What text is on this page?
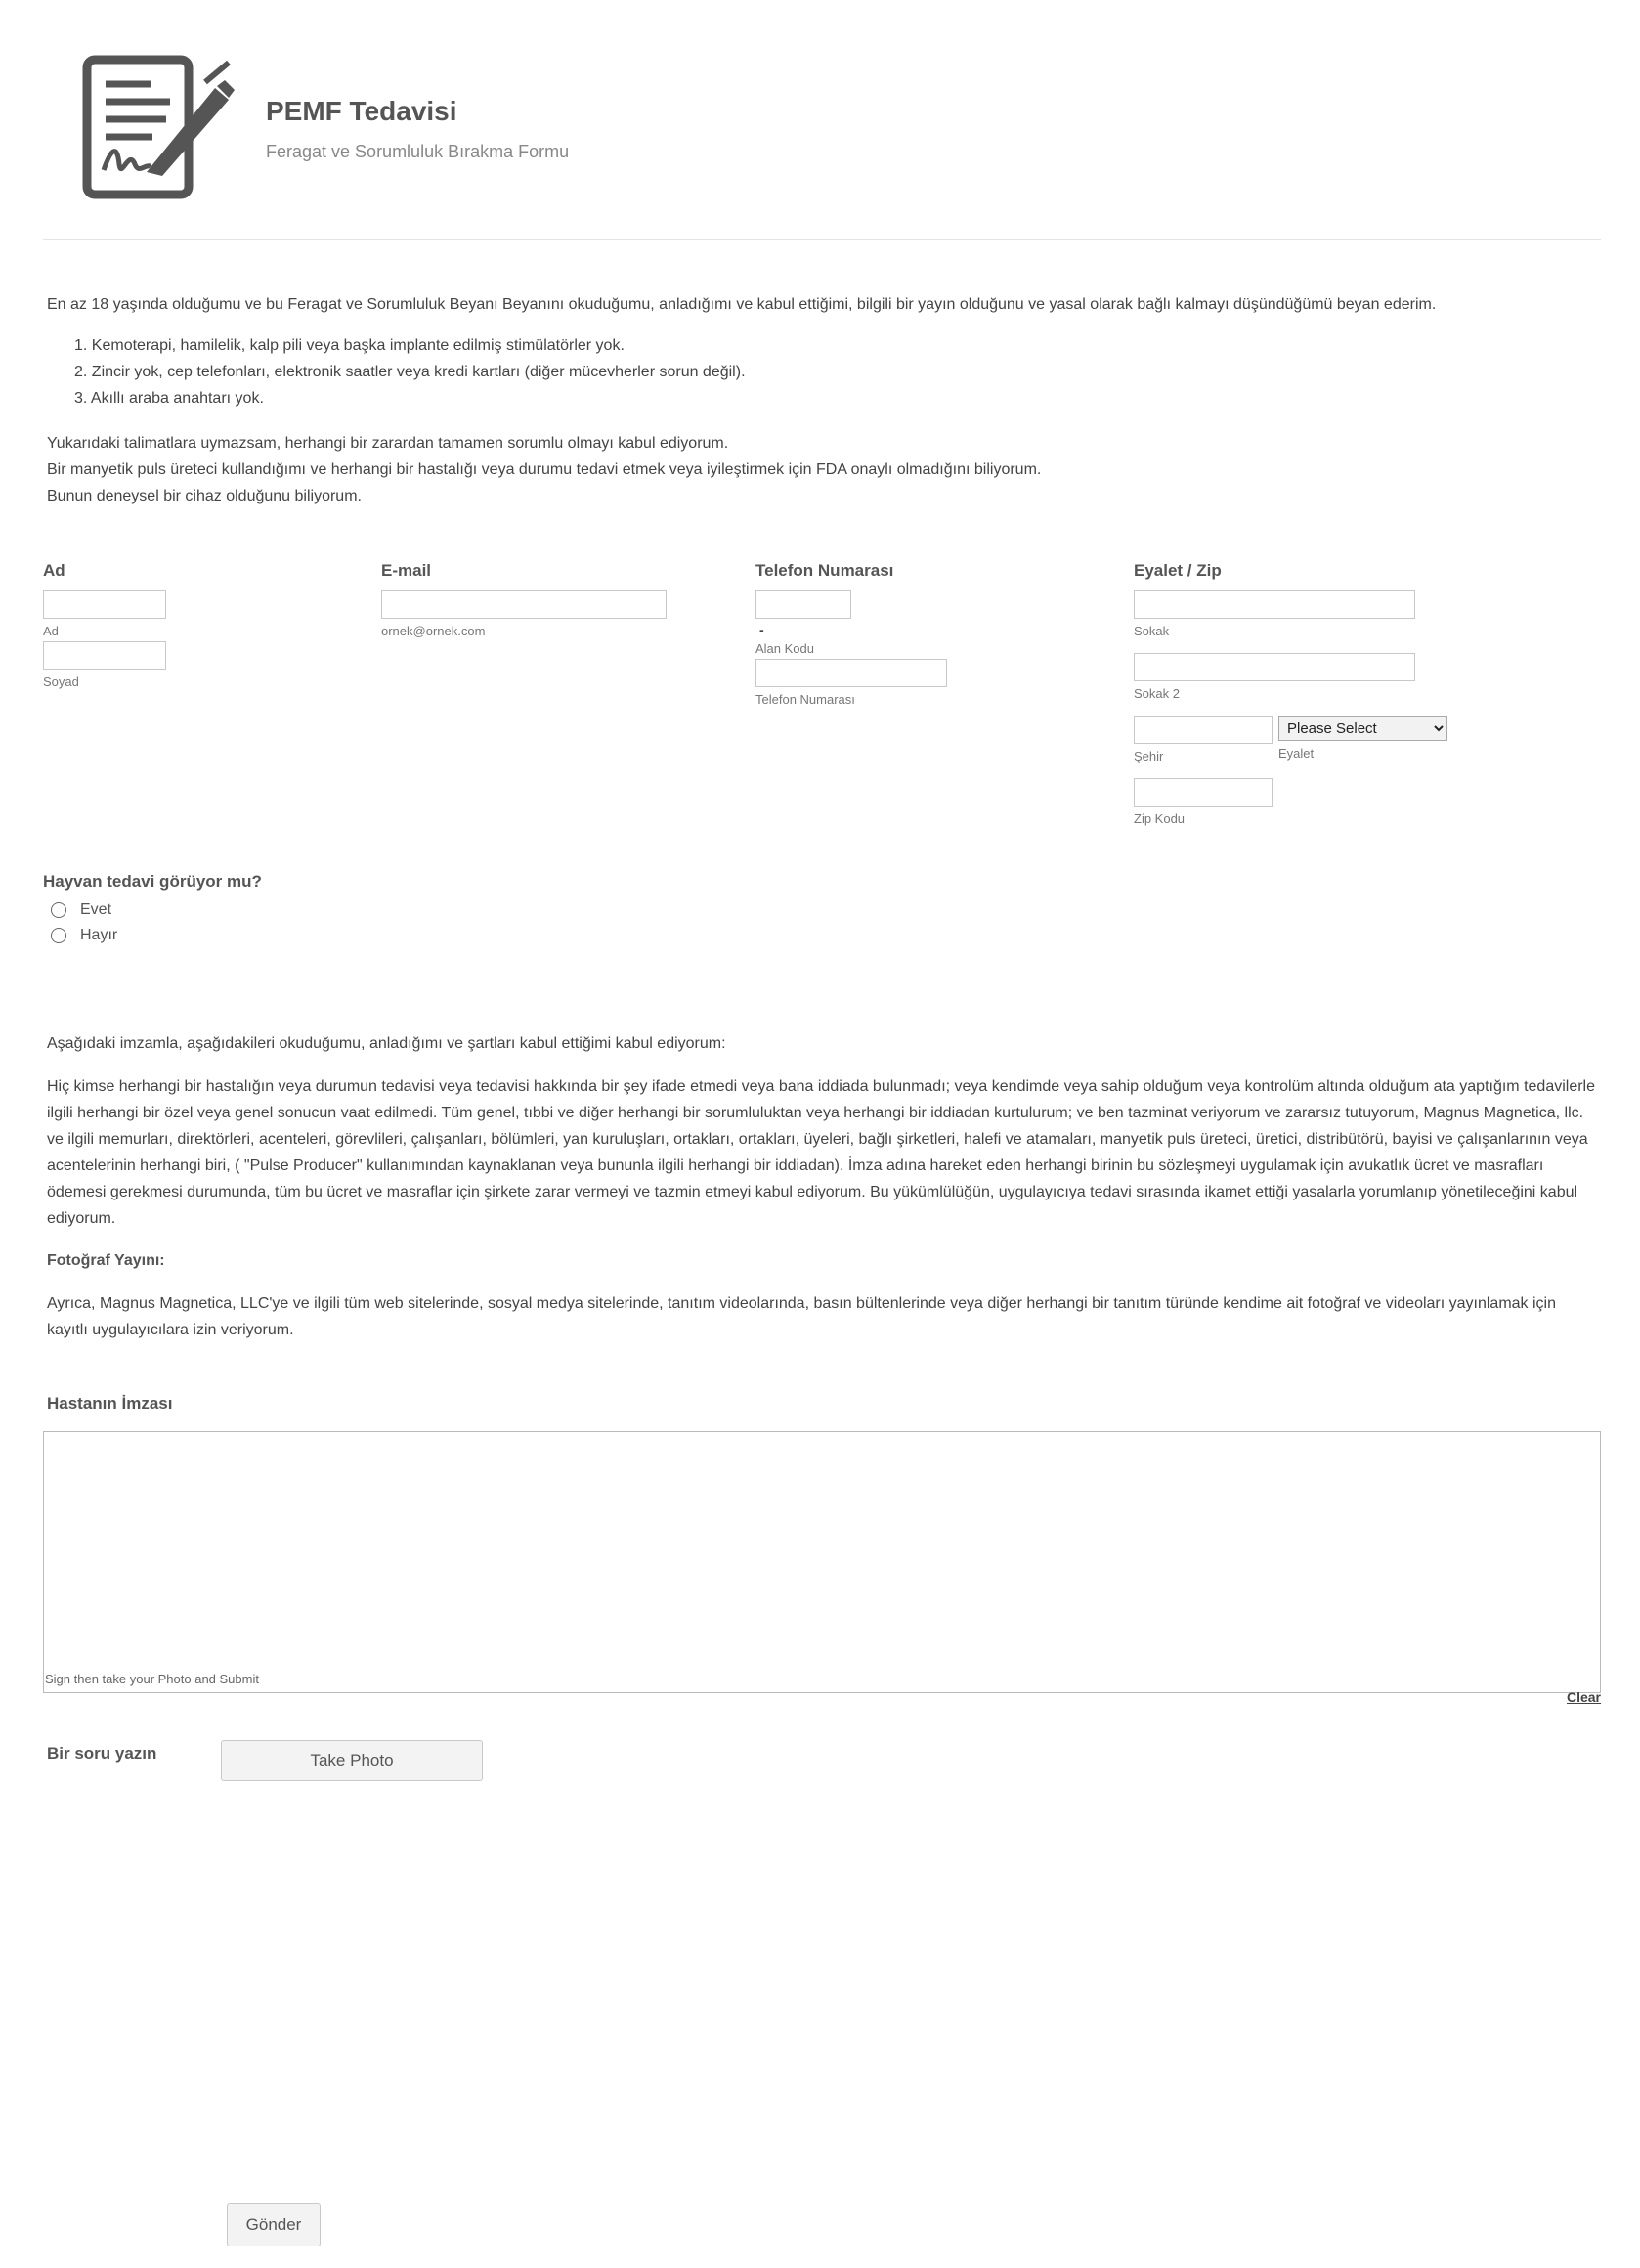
PEMF Tedavisi
Feragat ve Sorumluluk Bırakma Formu
En az 18 yaşında olduğumu ve bu Feragat ve Sorumluluk Beyanı Beyanını okuduğumu, anladığımı ve kabul ettiğimi, bilgili bir yayın olduğunu ve yasal olarak bağlı kalmayı düşündüğümü beyan ederim.
1. Kemoterapi, hamilelik, kalp pili veya başka implante edilmiş stimülatörler yok.
2. Zincir yok, cep telefonları, elektronik saatler veya kredi kartları (diğer mücevherler sorun değil).
3. Akıllı araba anahtarı yok.
Yukarıdaki talimatlara uymazsam, herhangi bir zarardan tamamen sorumlu olmayı kabul ediyorum.
Bir manyetik puls üreteci kullandığımı ve herhangi bir hastalığı veya durumu tedavi etmek veya iyileştirmek için FDA onaylı olmadığını biliyorum.
Bunun deneysel bir cihaz olduğunu biliyorum.
Ad
Ad
Soyad
E-mail
ornek@ornek.com
Telefon Numarası
-
Alan Kodu
Telefon Numarası
Eyalet / Zip
Sokak
Sokak 2
Şehir
Please Select	Eyalet
Zip Kodu
Hayvan tedavi görüyor mu?
Evet
Hayır
Aşağıdaki imzamla, aşağıdakileri okuduğumu, anladığımı ve şartları kabul ettiğimi kabul ediyorum:
Hiç kimse herhangi bir hastalığın veya durumun tedavisi veya tedavisi hakkında bir şey ifade etmedi veya bana iddiada bulunmadı; veya kendimde veya sahip olduğum veya kontrolüm altında olduğum ata yaptığım tedavilerle ilgili herhangi bir özel veya genel sonucun vaat edilmedi. Tüm genel, tıbbi ve diğer herhangi bir sorumluluktan veya herhangi bir iddiadan kurtulurum; ve ben tazminat veriyorum ve zararsız tutuyorum, Magnus Magnetica, llc. ve ilgili memurları, direktörleri, acenteleri, görevlileri, çalışanları, bölümleri, yan kuruluşları, ortakları, ortakları, üyeleri, bağlı şirketleri, halefi ve atamaları, manyetik puls üreteci, üretici, distribütörü, bayisi ve çalışanlarının veya acentelerinin herhangi biri, ( "Pulse Producer" kullanımından kaynaklanan veya bununla ilgili herhangi bir iddiadan). İmza adına hareket eden herhangi birinin bu sözleşmeyi uygulamak için avukatlık ücret ve masrafları ödemesi gerekmesi durumunda, tüm bu ücret ve masraflar için şirkete zarar vermeyi ve tazmin etmeyi kabul ediyorum. Bu yükümlülüğün, uygulayıcıya tedavi sırasında ikamet ettiği yasalarla yorumlanıp yönetileceğini kabul ediyorum.
Fotoğraf Yayını:
Ayrıca, Magnus Magnetica, LLC'ye ve ilgili tüm web sitelerinde, sosyal medya sitelerinde, tanıtım videolarında, basın bültenlerinde veya diğer herhangi bir tanıtım türünde kendime ait fotoğraf ve videoları yayınlamak için kayıtlı uygulayıcılara izin veriyorum.
Hastanın İmzası
Sign then take your Photo and Submit
Clear
Bir soru yazın	Take Photo
Gönder
